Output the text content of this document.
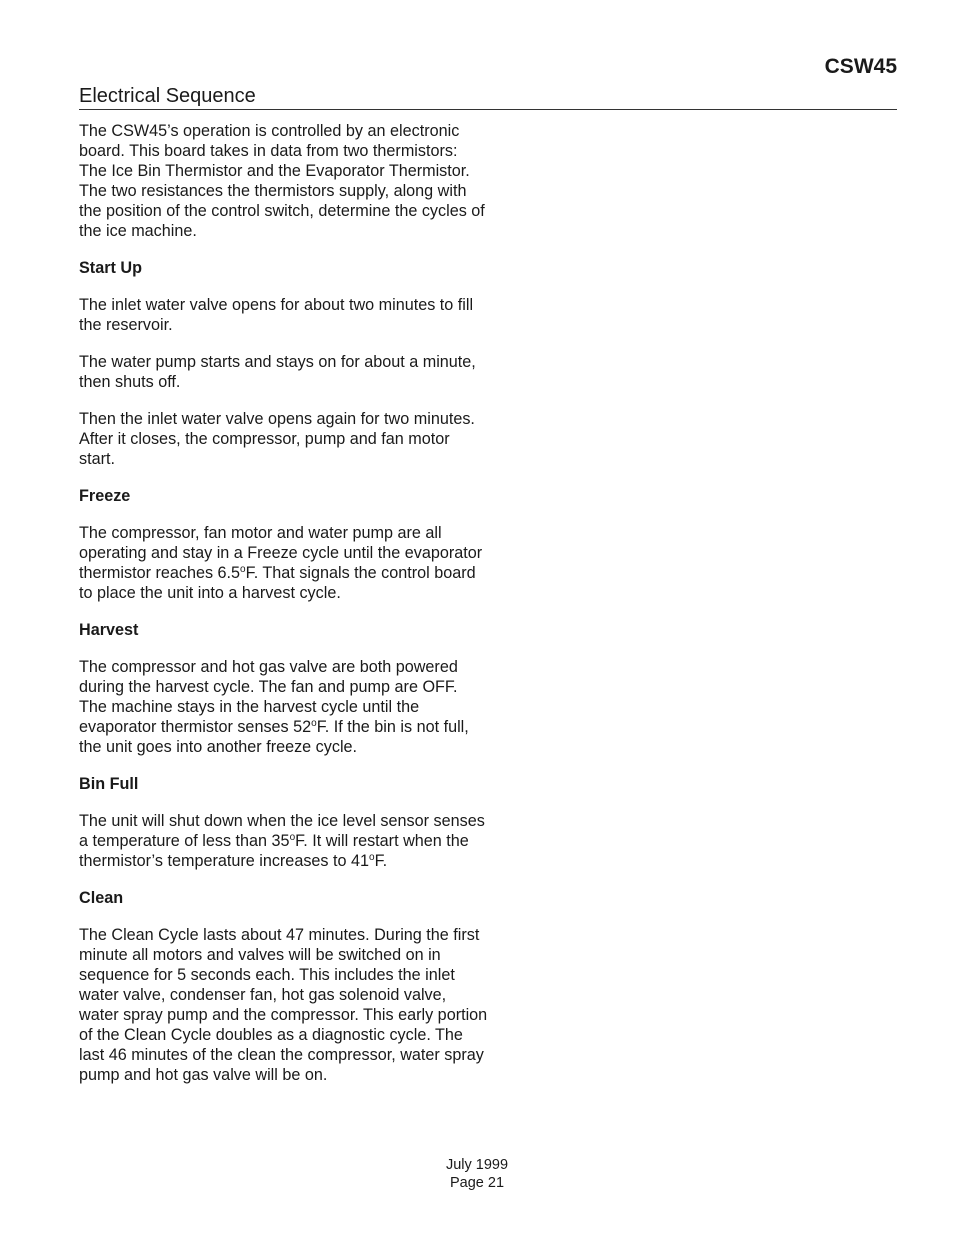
CSW45
Electrical Sequence

The CSW45’s operation is controlled by an electronic board. This board takes in data from two thermistors: The Ice Bin Thermistor and the Evaporator Thermistor. The two resistances the thermistors supply, along with the position of the control switch, determine the cycles of the ice machine.

Start Up

The inlet water valve opens for about two minutes to fill the reservoir.

The water pump starts and stays on for about a minute, then shuts off.

Then the inlet water valve opens again for two minutes. After it closes, the compressor, pump and fan motor start.

Freeze

The compressor, fan motor and water pump are all operating and stay in a Freeze cycle until the evaporator thermistor reaches 6.5$^o$F. That signals the control board to place the unit into a harvest cycle.

Harvest

The compressor and hot gas valve are both powered during the harvest cycle. The fan and pump are OFF. The machine stays in the harvest cycle until the evaporator thermistor senses 52$^o$F. If the bin is not full, the unit goes into another freeze cycle.

Bin Full

The unit will shut down when the ice level sensor senses a temperature of less than 35$^o$F. It will restart when the thermistor’s temperature increases to 41$^o$F.

Clean

The Clean Cycle lasts about 47 minutes. During the first minute all motors and valves will be switched on in sequence for 5 seconds each. This includes the inlet water valve, condenser fan, hot gas solenoid valve, water spray pump and the compressor. This early portion of the Clean Cycle doubles as a diagnostic cycle. The last 46 minutes of the clean the compressor, water spray pump and hot gas valve will be on.

July 1999
Page 21
